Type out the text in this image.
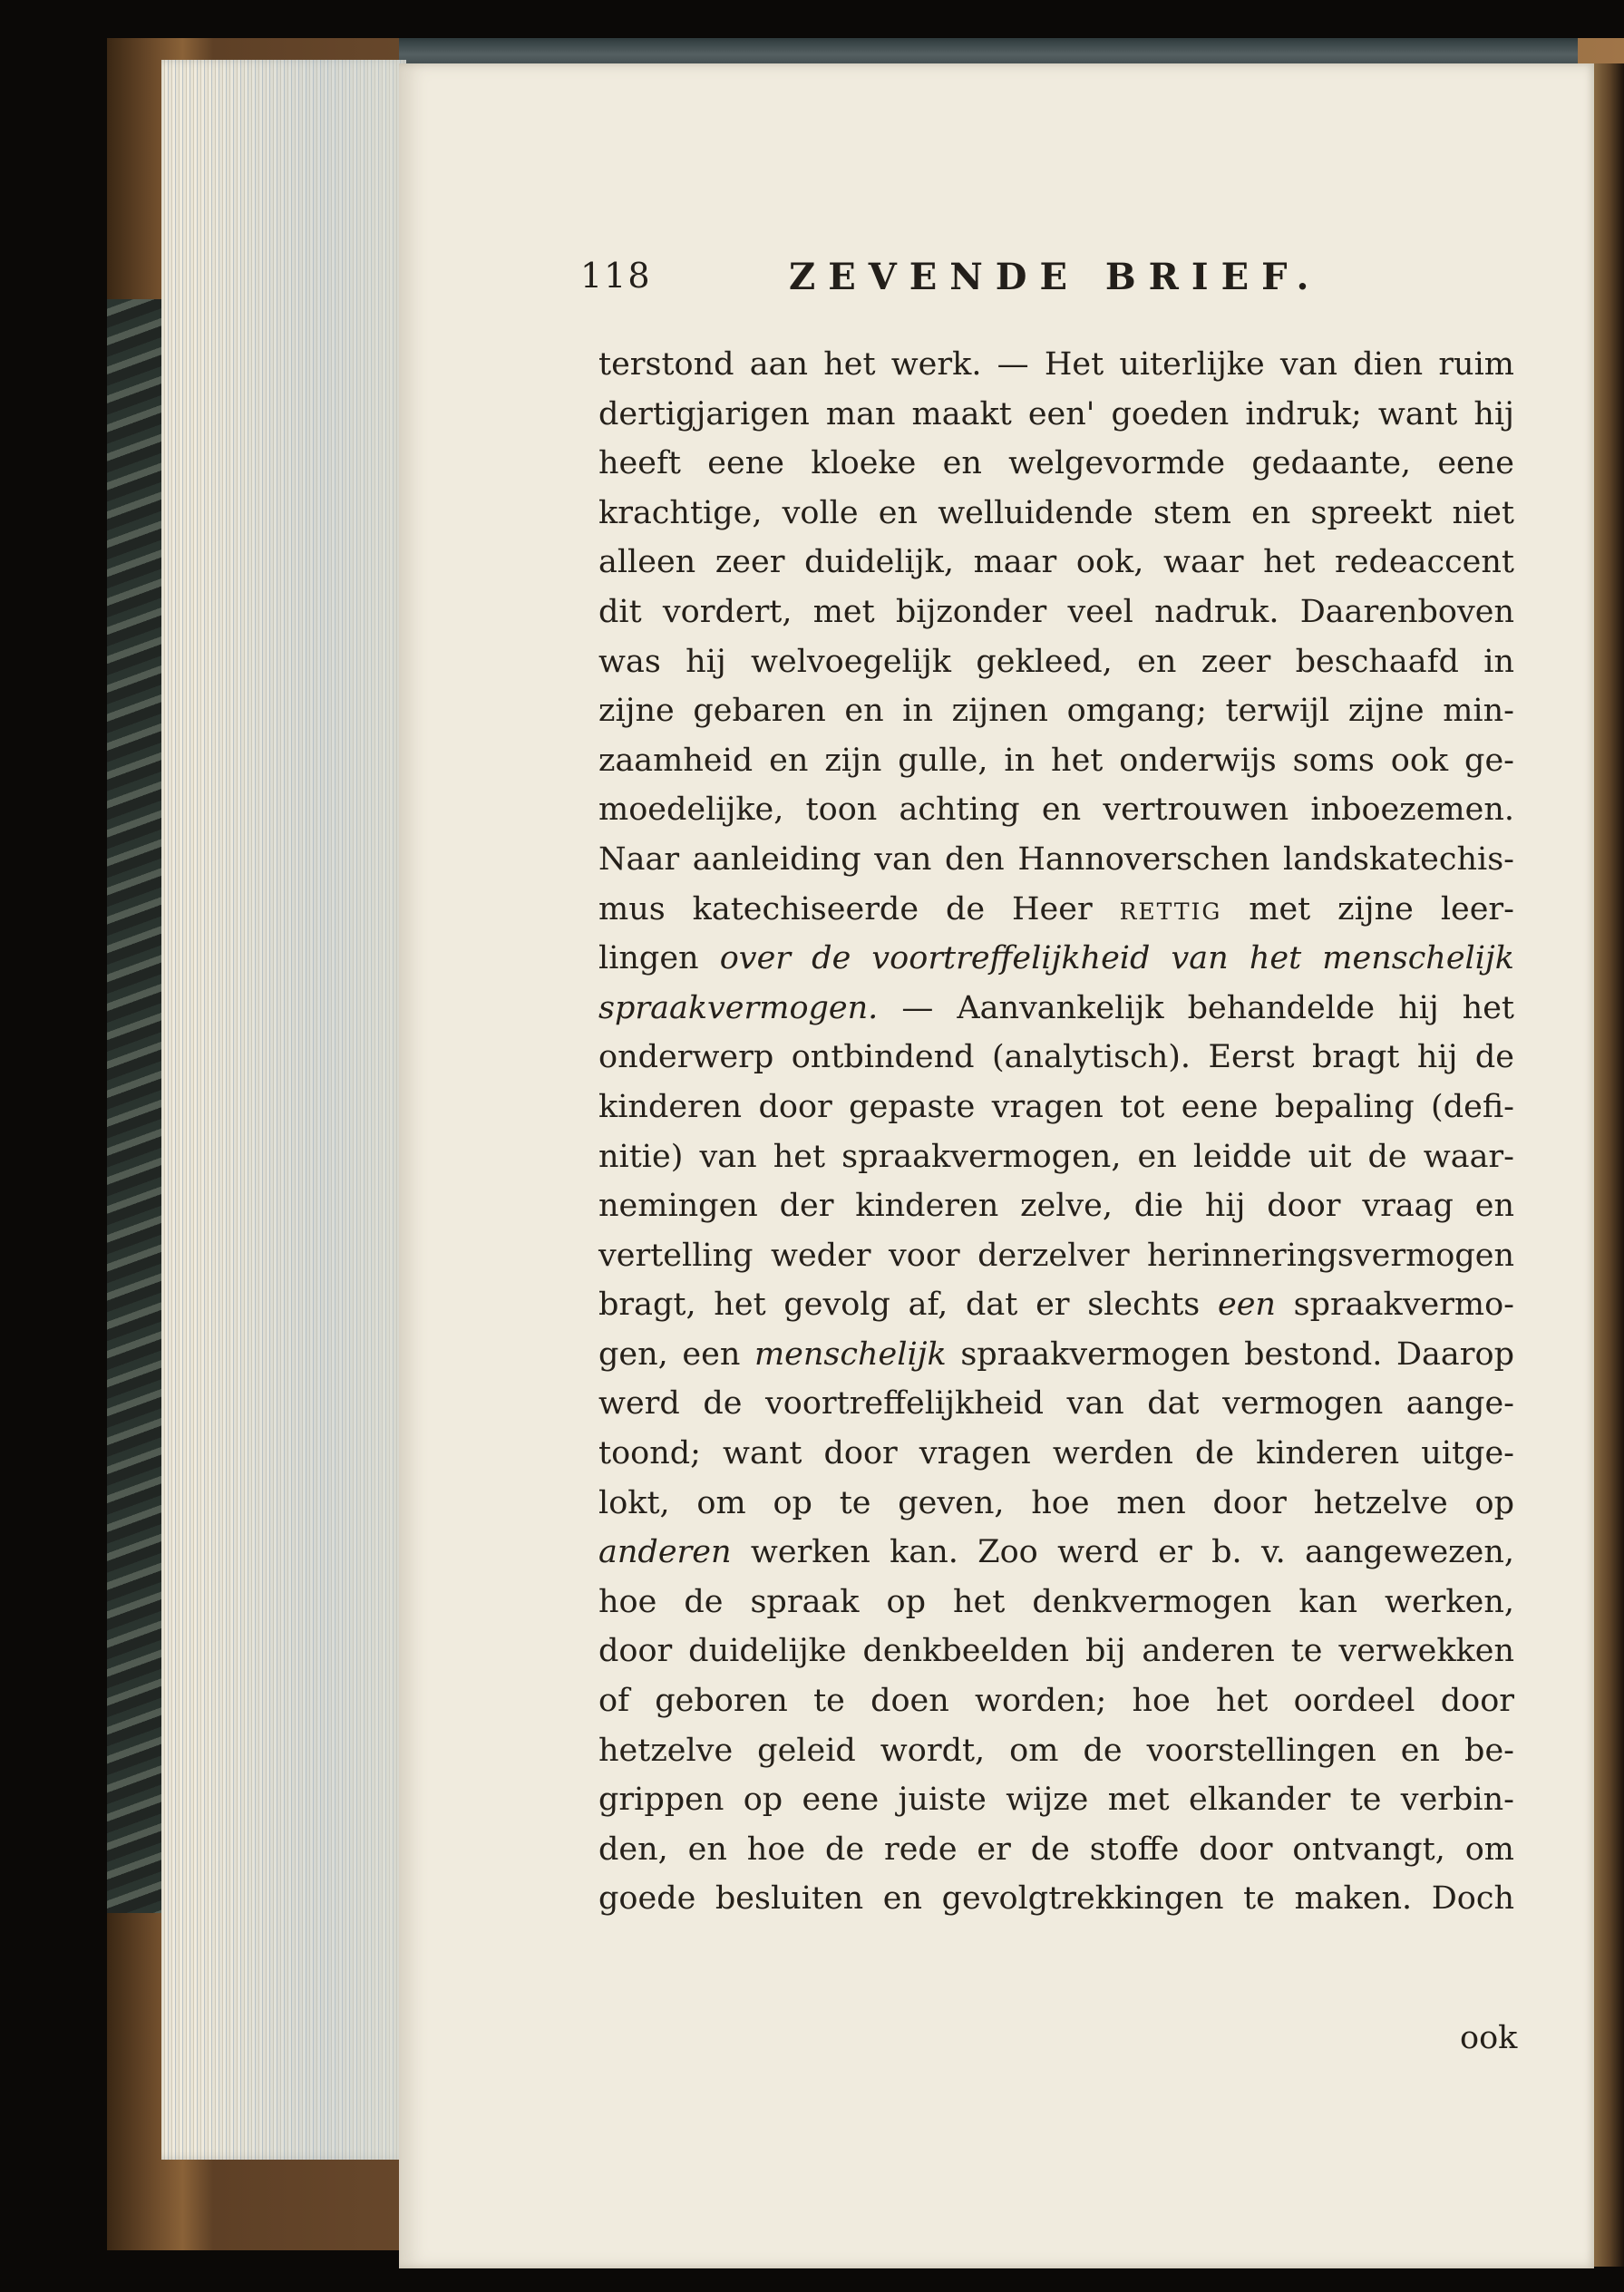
118	ZEVENDE BRIEF.
terstond aan het werk. — Het uiterlijke van dien ruim
dertigjarigen man maakt een' goeden indruk; want hij
heeft eene kloeke en welgevormde gedaante, eene
krachtige, volle en welluidende stem en spreekt niet
alleen zeer duidelijk, maar ook, waar het redeaccent
dit vordert, met bijzonder veel nadruk. Daarenboven
was hij welvoegelijk gekleed, en zeer beschaafd in
zijne gebaren en in zijnen omgang; terwijl zijne min-
zaamheid en zijn gulle, in het onderwijs soms ook ge-
moedelijke, toon achting en vertrouwen inboezemen.
Naar aanleiding van den Hannoverschen landskatechis-
mus katechiseerde de Heer rettig met zijne leer-
lingen over de voortreffelijkheid van het menschelijk
spraakvermogen. — Aanvankelijk behandelde hij het
onderwerp ontbindend (analytisch). Eerst bragt hij de
kinderen door gepaste vragen tot eene bepaling (defi-
nitie) van het spraakvermogen, en leidde uit de waar-
nemingen der kinderen zelve, die hij door vraag en
vertelling weder voor derzelver herinneringsvermogen
bragt, het gevolg af, dat er slechts een spraakvermo-
gen, een menschelijk spraakvermogen bestond. Daarop
werd de voortreffelijkheid van dat vermogen aange-
toond; want door vragen werden de kinderen uitge-
lokt, om op te geven, hoe men door hetzelve op
anderen werken kan. Zoo werd er b. v. aangewezen,
hoe de spraak op het denkvermogen kan werken,
door duidelijke denkbeelden bij anderen te verwekken
of geboren te doen worden; hoe het oordeel door
hetzelve geleid wordt, om de voorstellingen en be-
grippen op eene juiste wijze met elkander te verbin-
den, en hoe de rede er de stoffe door ontvangt, om
goede besluiten en gevolgtrekkingen te maken. Doch
ook
